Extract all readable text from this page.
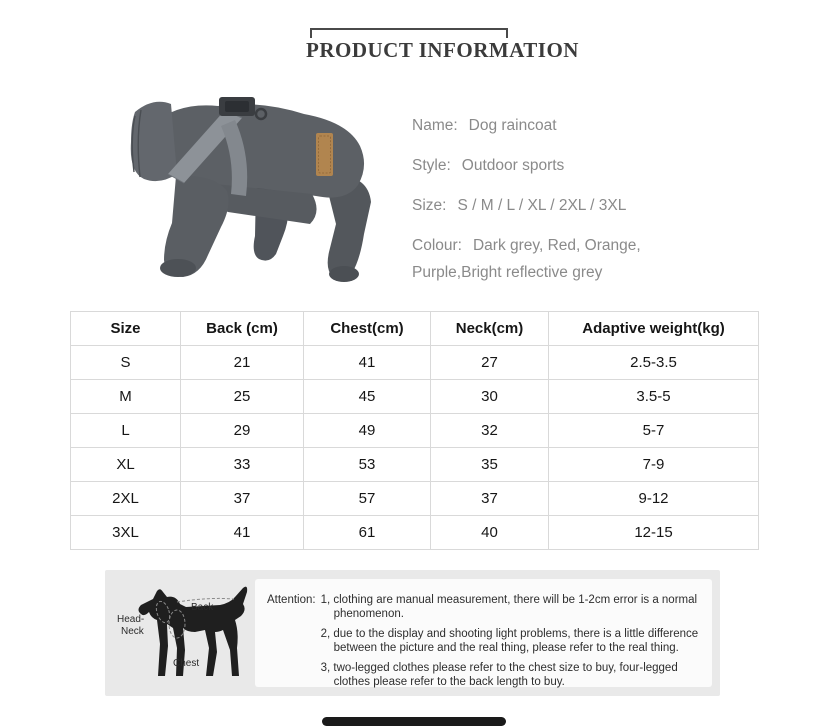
PRODUCT INFORMATION

Name: Dog raincoat

Style: Outdoor sports

Size: S / M / L / XL / 2XL / 3XL

Colour: Dark grey, Red, Orange, Purple,Bright reflective grey

Size	Back (cm)	Chest(cm)	Neck(cm)	Adaptive weight(kg)
S	21	41	27	2.5-3.5
M	25	45	30	3.5-5
L	29	49	32	5-7
XL	33	53	35	7-9
2XL	37	57	37	9-12
3XL	41	61	40	12-15
Head-
Neck
Back
Chest
Attention: 1, clothing are manual measurement, there will be 1-2cm error is a normal phenomenon.
2, due to the display and shooting light problems, there is a little difference between the picture and the real thing, please refer to the real thing.
3, two-legged clothes please refer to the chest size to buy, four-legged clothes please refer to the back length to buy.
